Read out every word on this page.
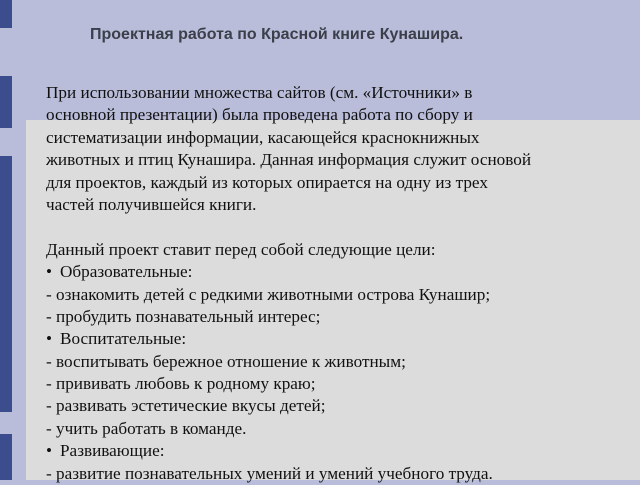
Проектная работа по Красной книге Кунашира.
При использовании множества сайтов (см. «Источники» в
основной презентации) была проведена работа по сбору и
систематизации информации, касающейся краснокнижных
животных и птиц Кунашира. Данная информация служит основой
для проектов, каждый из которых опирается на одну из трех
частей получившейся книги.
Данный проект ставит перед собой следующие цели:
• Образовательные:
- ознакомить детей с редкими животными острова Кунашир;
- пробудить познавательный интерес;
• Воспитательные:
- воспитывать бережное отношение к животным;
- прививать любовь к родному краю;
- развивать эстетические вкусы детей;
- учить работать в команде.
• Развивающие:
- развитие познавательных умений и умений учебного труда.
